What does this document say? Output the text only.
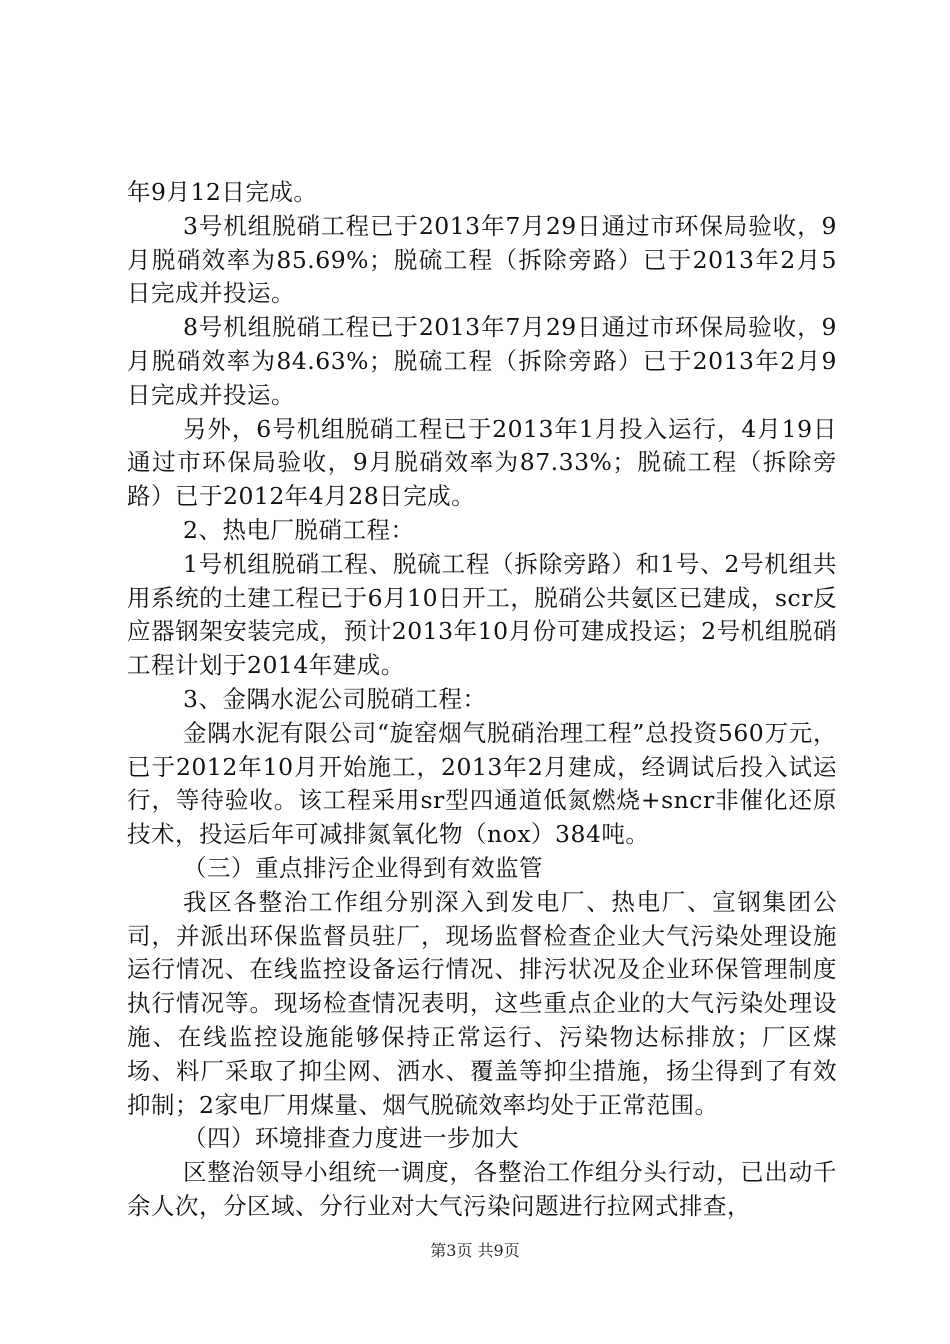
年9月12日完成。

3号机组脱硝工程已于2013年7月29日通过市环保局验收，9月脱硝效率为85.69%；脱硫工程（拆除旁路）已于2013年2月5日完成并投运。

8号机组脱硝工程已于2013年7月29日通过市环保局验收，9月脱硝效率为84.63%；脱硫工程（拆除旁路）已于2013年2月9日完成并投运。

另外，6号机组脱硝工程已于2013年1月投入运行，4月19日通过市环保局验收，9月脱硝效率为87.33%；脱硫工程（拆除旁路）已于2012年4月28日完成。

2、热电厂脱硝工程：

1号机组脱硝工程、脱硫工程（拆除旁路）和1号、2号机组共用系统的土建工程已于6月10日开工，脱硝公共氨区已建成，scr反应器钢架安装完成，预计2013年10月份可建成投运；2号机组脱硝工程计划于2014年建成。

3、金隅水泥公司脱硝工程：

金隅水泥有限公司“旋窑烟气脱硝治理工程”总投资560万元，已于2012年10月开始施工，2013年2月建成，经调试后投入试运行，等待验收。该工程采用sr型四通道低氮燃烧+sncr非催化还原技术，投运后年可减排氮氧化物（nox）384吨。

（三）重点排污企业得到有效监管

我区各整治工作组分别深入到发电厂、热电厂、宣钢集团公司，并派出环保监督员驻厂，现场监督检查企业大气污染处理设施运行情况、在线监控设备运行情况、排污状况及企业环保管理制度执行情况等。现场检查情况表明，这些重点企业的大气污染处理设施、在线监控设施能够保持正常运行、污染物达标排放；厂区煤场、料厂采取了抑尘网、洒水、覆盖等抑尘措施，扬尘得到了有效抑制；2家电厂用煤量、烟气脱硫效率均处于正常范围。

（四）环境排查力度进一步加大

区整治领导小组统一调度，各整治工作组分头行动，已出动千余人次，分区域、分行业对大气污染问题进行拉网式排查，

第3页 共9页
